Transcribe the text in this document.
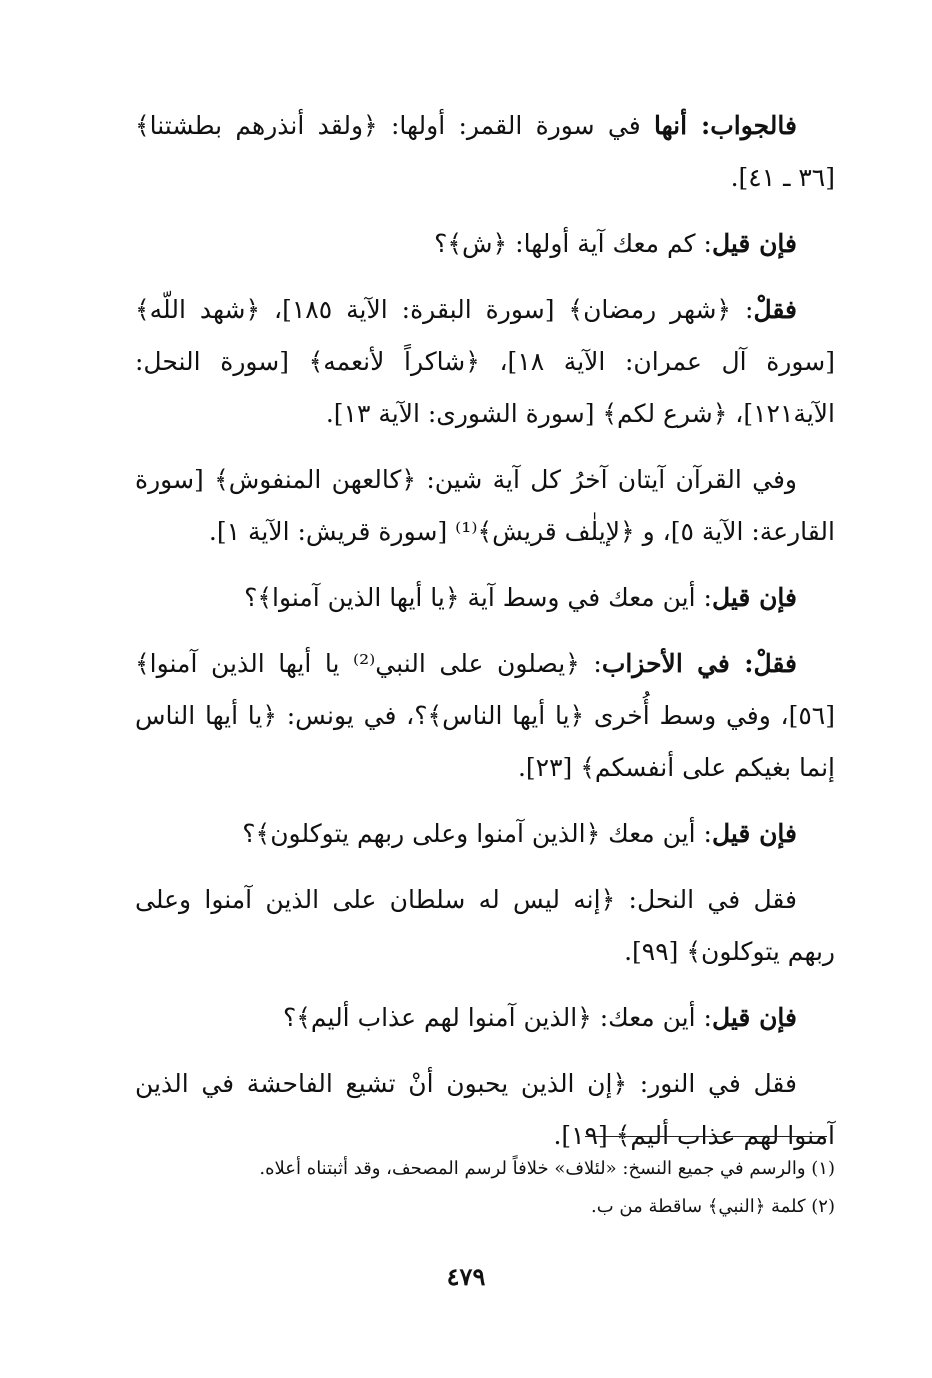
فالجواب: أنها في سورة القمر: أولها: ﴿ولقد أنذرهم بطشتنا﴾ [٣٦ ـ ٤١].

فإن قيل: كم معك آية أولها: ﴿ش﴾؟

فقلْ: ﴿شهر رمضان﴾ [سورة البقرة: الآية ١٨٥]، ﴿شهد اللّه﴾ [سورة آل عمران: الآية ١٨]، ﴿شاكراً لأنعمه﴾ [سورة النحل: الآية١٢١]، ﴿شرع لكم﴾ [سورة الشورى: الآية ١٣].

وفي القرآن آيتان آخرُ كل آية شين: ﴿كالعهن المنفوش﴾ [سورة القارعة: الآية ٥]، و ﴿لإيلٰف قريش﴾⁽¹⁾ [سورة قريش: الآية ١].

فإن قيل: أين معك في وسط آية ﴿يا أيها الذين آمنوا﴾؟

فقلْ: في الأحزاب: ﴿يصلون على النبي⁽²⁾ يا أيها الذين آمنوا﴾ [٥٦]، وفي وسط أُخرى ﴿يا أيها الناس﴾؟، في يونس: ﴿يا أيها الناس إنما بغيكم على أنفسكم﴾ [٢٣].

فإن قيل: أين معك ﴿الذين آمنوا وعلى ربهم يتوكلون﴾؟

فقل في النحل: ﴿إنه ليس له سلطان على الذين آمنوا وعلى ربهم يتوكلون﴾ [٩٩].

فإن قيل: أين معك: ﴿الذين آمنوا لهم عذاب أليم﴾؟

فقل في النور: ﴿إن الذين يحبون أنْ تشيع الفاحشة في الذين آمنوا لهم عذاب أليم﴾ [١٩].

(١) والرسم في جميع النسخ: «لئلاف» خلافاً لرسم المصحف، وقد أثبتناه أعلاه.

(٢) كلمة ﴿النبي﴾ ساقطة من ب.

٤٧٩
